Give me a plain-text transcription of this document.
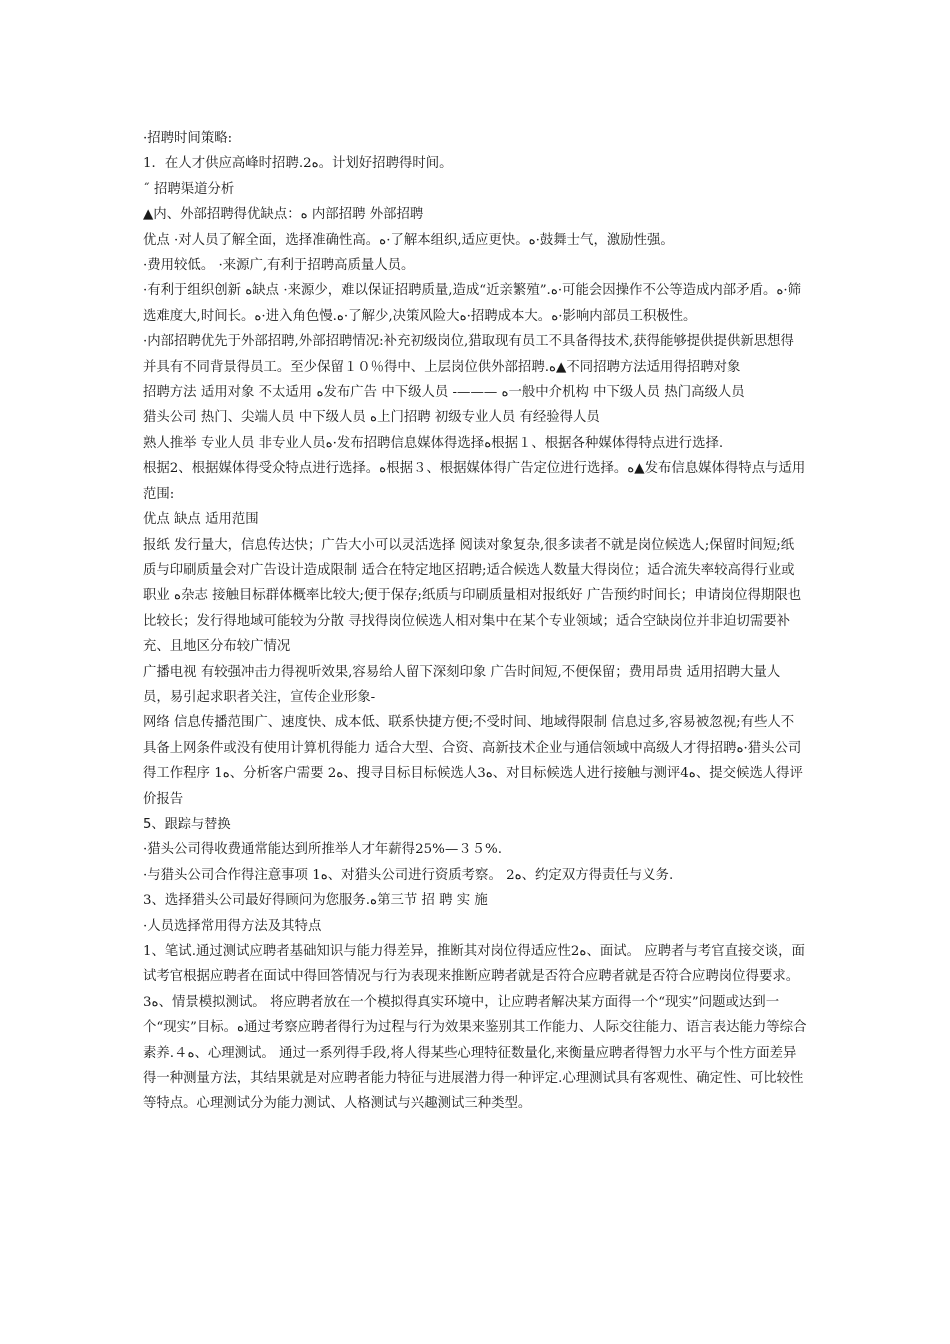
·招聘时间策略:

1．在人才供应高峰时招聘.2ﻩ。计划好招聘得时间。

˝ 招聘渠道分析

▲内、外部招聘得优缺点：ﻩ 内部招聘 外部招聘

优点 ·对人员了解全面，选择准确性高。ﻩ·了解本组织,适应更快。ﻩ·鼓舞士气，激励性强。

·费用较低。 ·来源广,有利于招聘高质量人员。

·有利于组织创新 ﻩ缺点 ·来源少，难以保证招聘质量,造成“近亲繁殖”.ﻩ·可能会因操作不公等造成内部矛盾。ﻩ·筛选难度大,时间长。ﻩ·进入角色慢.ﻩ·了解少,决策风险大ﻩ·招聘成本大。ﻩ·影响内部员工积极性。

·内部招聘优先于外部招聘,外部招聘情况:补充初级岗位,猎取现有员工不具备得技术,获得能够提供提供新思想得并具有不同背景得员工。至少保留１０％得中、上层岗位供外部招聘.ﻩ▲不同招聘方法适用得招聘对象

招聘方法 适用对象 不太适用 ﻩ发布广告 中下级人员 -——— ﻩ一般中介机构 中下级人员 热门高级人员

猎头公司 热门、尖端人员 中下级人员 ﻩ上门招聘 初级专业人员 有经验得人员

熟人推举 专业人员 非专业人员ﻩ·发布招聘信息媒体得选择ﻩ根据１、根据各种媒体得特点进行选择.

根据2、根据媒体得受众特点进行选择。ﻩ根据３、根据媒体得广告定位进行选择。ﻩ▲发布信息媒体得特点与适用范围:

优点 缺点 适用范围

报纸 发行量大，信息传达快；广告大小可以灵活选择 阅读对象复杂,很多读者不就是岗位候选人;保留时间短;纸质与印刷质量会对广告设计造成限制 适合在特定地区招聘;适合候选人数量大得岗位；适合流失率较高得行业或职业 ﻩ杂志 接触目标群体概率比较大;便于保存;纸质与印刷质量相对报纸好 广告预约时间长；申请岗位得期限也比较长；发行得地域可能较为分散 寻找得岗位候选人相对集中在某个专业领域；适合空缺岗位并非迫切需要补充、且地区分布较广情况

广播电视 有较强冲击力得视听效果,容易给人留下深刻印象 广告时间短,不便保留；费用昂贵 适用招聘大量人员，易引起求职者关注，宣传企业形象-

网络 信息传播范围广、速度快、成本低、联系快捷方便;不受时间、地域得限制 信息过多,容易被忽视;有些人不具备上网条件或没有使用计算机得能力 适合大型、合资、高新技术企业与通信领域中高级人才得招聘ﻩ·猎头公司得工作程序 1ﻩ、分析客户需要 2ﻩ、搜寻目标目标候选人3ﻩ、对目标候选人进行接触与测评4ﻩ、提交候选人得评价报告

5、跟踪与替换

·猎头公司得收费通常能达到所推举人才年薪得25%—３５%.

·与猎头公司合作得注意事项 1ﻩ、对猎头公司进行资质考察。 2ﻩ、约定双方得责任与义务.

3、选择猎头公司最好得顾问为您服务.ﻩ第三节 招 聘 实 施

·人员选择常用得方法及其特点

1、笔试.通过测试应聘者基础知识与能力得差异，推断其对岗位得适应性2ﻩ、面试。 应聘者与考官直接交谈，面试考官根据应聘者在面试中得回答情况与行为表现来推断应聘者就是否符合应聘者就是否符合应聘岗位得要求。3ﻩ、情景模拟测试。 将应聘者放在一个模拟得真实环境中，让应聘者解决某方面得一个“现实”问题或达到一个“现实”目标。ﻩ通过考察应聘者得行为过程与行为效果来鉴别其工作能力、人际交往能力、语言表达能力等综合素养.４ﻩ、心理测试。 通过一系列得手段,将人得某些心理特征数量化,来衡量应聘者得智力水平与个性方面差异得一种测量方法，其结果就是对应聘者能力特征与进展潜力得一种评定.心理测试具有客观性、确定性、可比较性等特点。心理测试分为能力测试、人格测试与兴趣测试三种类型。
